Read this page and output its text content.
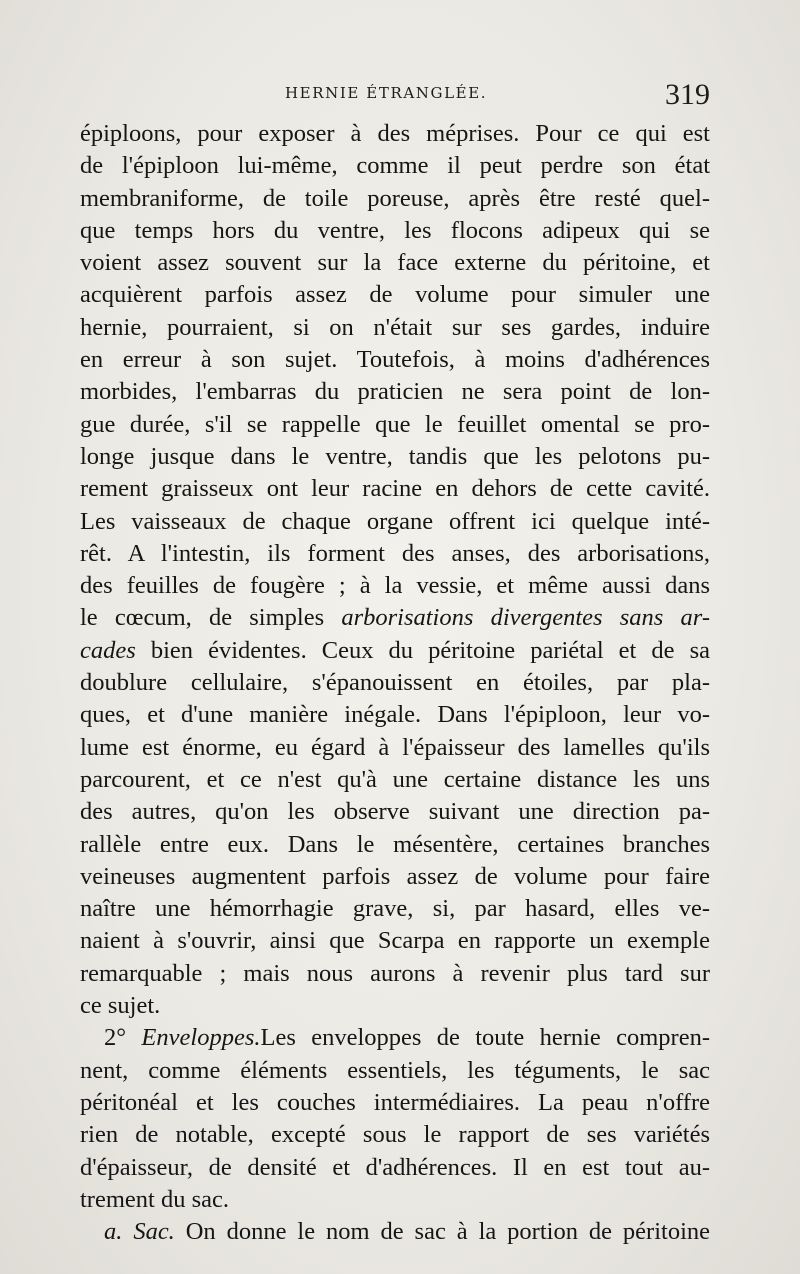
HERNIE ÉTRANGLÉE.	319
épiploons, pour exposer à des méprises. Pour ce qui est
de l'épiploon lui-même, comme il peut perdre son état
membraniforme, de toile poreuse, après être resté quel-
que temps hors du ventre, les flocons adipeux qui se
voient assez souvent sur la face externe du péritoine, et
acquièrent parfois assez de volume pour simuler une
hernie, pourraient, si on n'était sur ses gardes, induire
en erreur à son sujet. Toutefois, à moins d'adhérences
morbides, l'embarras du praticien ne sera point de lon-
gue durée, s'il se rappelle que le feuillet omental se pro-
longe jusque dans le ventre, tandis que les pelotons pu-
rement graisseux ont leur racine en dehors de cette cavité.
Les vaisseaux de chaque organe offrent ici quelque inté-
rêt. A l'intestin, ils forment des anses, des arborisations,
des feuilles de fougère ; à la vessie, et même aussi dans
le cœcum, de simples arborisations divergentes sans ar-
cades bien évidentes. Ceux du péritoine pariétal et de sa
doublure cellulaire, s'épanouissent en étoiles, par pla-
ques, et d'une manière inégale. Dans l'épiploon, leur vo-
lume est énorme, eu égard à l'épaisseur des lamelles qu'ils
parcourent, et ce n'est qu'à une certaine distance les uns
des autres, qu'on les observe suivant une direction pa-
rallèle entre eux. Dans le mésentère, certaines branches
veineuses augmentent parfois assez de volume pour faire
naître une hémorrhagie grave, si, par hasard, elles ve-
naient à s'ouvrir, ainsi que Scarpa en rapporte un exemple
remarquable ; mais nous aurons à revenir plus tard sur
ce sujet.
2° Enveloppes.Les enveloppes de toute hernie compren-
nent, comme éléments essentiels, les téguments, le sac
péritonéal et les couches intermédiaires. La peau n'offre
rien de notable, excepté sous le rapport de ses variétés
d'épaisseur, de densité et d'adhérences. Il en est tout au-
trement du sac.
a. Sac. On donne le nom de sac à la portion de péritoine
